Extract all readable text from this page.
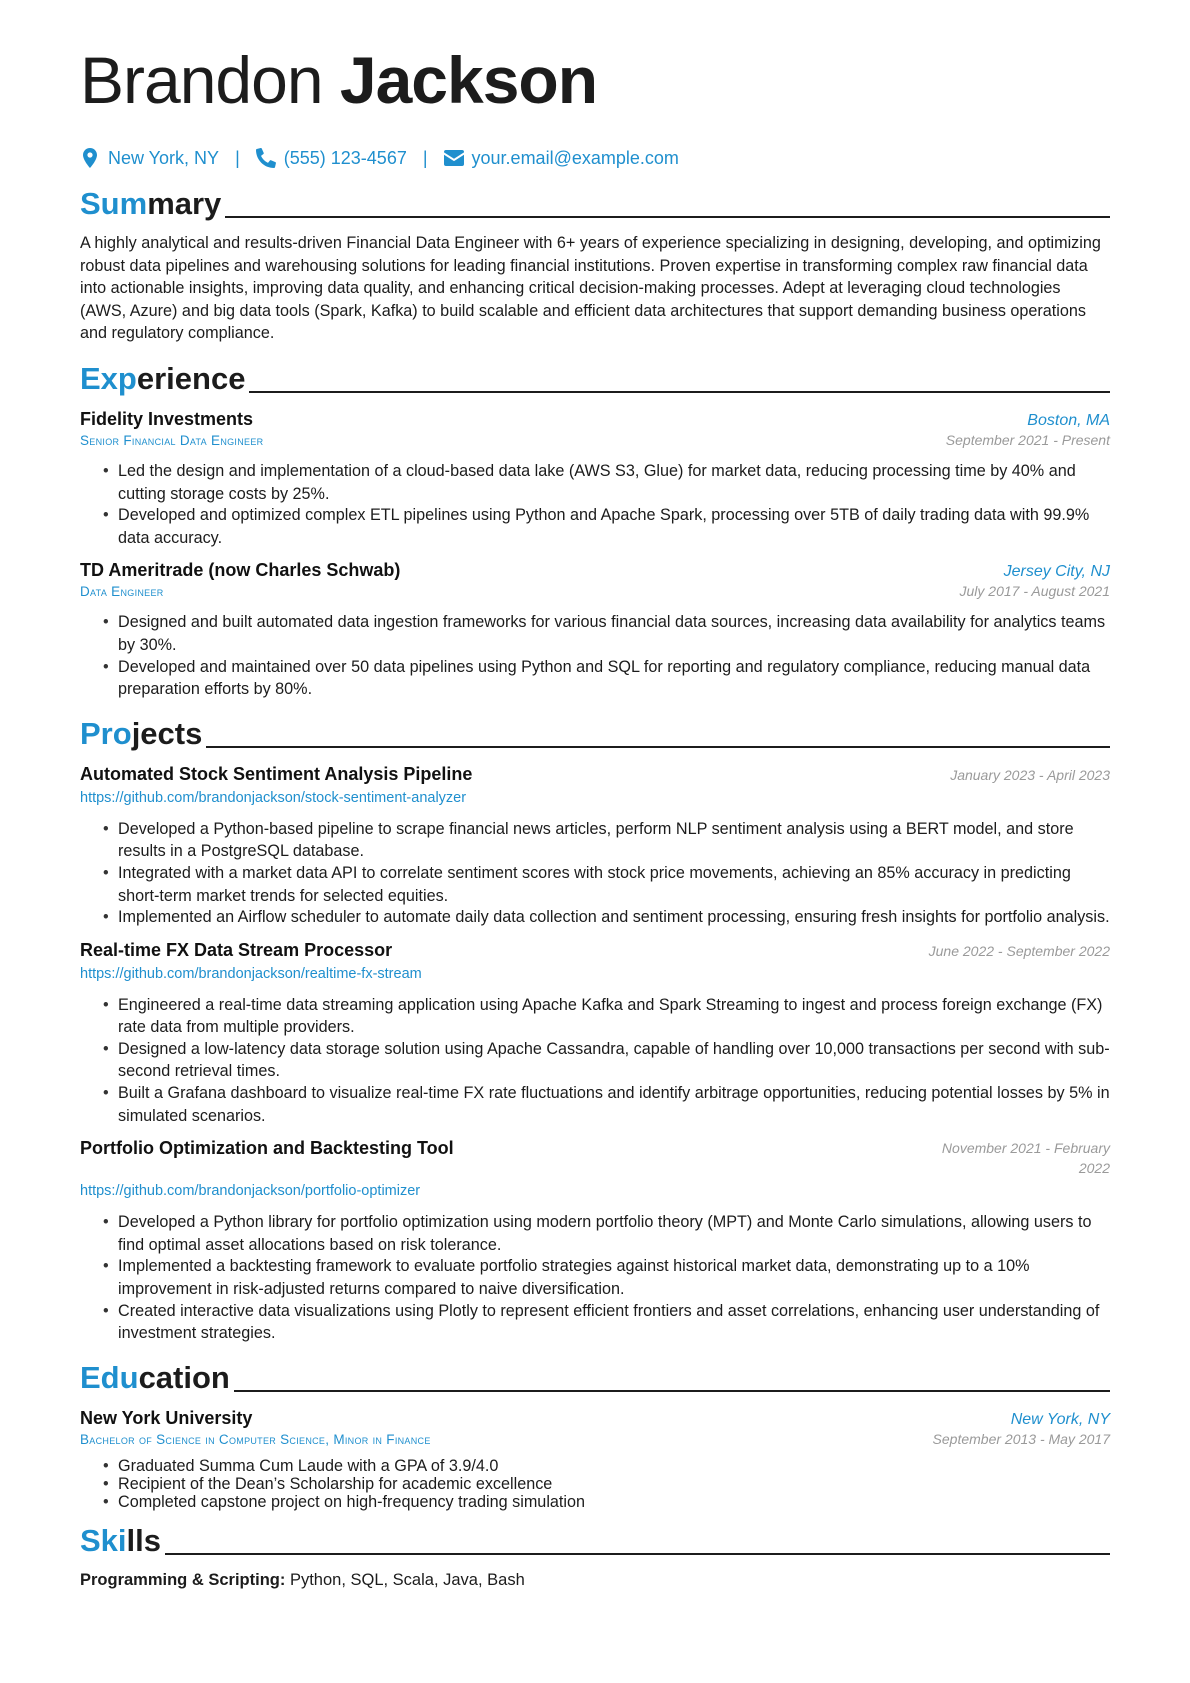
Brandon Jackson
New York, NY | (555) 123-4567 | your.email@example.com
Summary

A highly analytical and results-driven Financial Data Engineer with 6+ years of experience specializing in designing, developing, and optimizing robust data pipelines and warehousing solutions for leading financial institutions. Proven expertise in transforming complex raw financial data into actionable insights, improving data quality, and enhancing critical decision-making processes. Adept at leveraging cloud technologies (AWS, Azure) and big data tools (Spark, Kafka) to build scalable and efficient data architectures that support demanding business operations and regulatory compliance.

Experience
Fidelity Investments	Boston, MA
Senior Financial Data Engineer	September 2021 - Present
• Led the design and implementation of a cloud-based data lake (AWS S3, Glue) for market data, reducing processing time by 40% and cutting storage costs by 25%.
• Developed and optimized complex ETL pipelines using Python and Apache Spark, processing over 5TB of daily trading data with 99.9% data accuracy.
TD Ameritrade (now Charles Schwab)	Jersey City, NJ
Data Engineer	July 2017 - August 2021
• Designed and built automated data ingestion frameworks for various financial data sources, increasing data availability for analytics teams by 30%.
• Developed and maintained over 50 data pipelines using Python and SQL for reporting and regulatory compliance, reducing manual data preparation efforts by 80%.
Projects
Automated Stock Sentiment Analysis Pipeline	January 2023 - April 2023
https://github.com/brandonjackson/stock-sentiment-analyzer
• Developed a Python-based pipeline to scrape financial news articles, perform NLP sentiment analysis using a BERT model, and store results in a PostgreSQL database.
• Integrated with a market data API to correlate sentiment scores with stock price movements, achieving an 85% accuracy in predicting short-term market trends for selected equities.
• Implemented an Airflow scheduler to automate daily data collection and sentiment processing, ensuring fresh insights for portfolio analysis.
Real-time FX Data Stream Processor	June 2022 - September 2022
https://github.com/brandonjackson/realtime-fx-stream
• Engineered a real-time data streaming application using Apache Kafka and Spark Streaming to ingest and process foreign exchange (FX) rate data from multiple providers.
• Designed a low-latency data storage solution using Apache Cassandra, capable of handling over 10,000 transactions per second with sub-second retrieval times.
• Built a Grafana dashboard to visualize real-time FX rate fluctuations and identify arbitrage opportunities, reducing potential losses by 5% in simulated scenarios.
Portfolio Optimization and Backtesting Tool	November 2021 - February 2022
https://github.com/brandonjackson/portfolio-optimizer
• Developed a Python library for portfolio optimization using modern portfolio theory (MPT) and Monte Carlo simulations, allowing users to find optimal asset allocations based on risk tolerance.
• Implemented a backtesting framework to evaluate portfolio strategies against historical market data, demonstrating up to a 10% improvement in risk-adjusted returns compared to naive diversification.
• Created interactive data visualizations using Plotly to represent efficient frontiers and asset correlations, enhancing user understanding of investment strategies.
Education
New York University	New York, NY
Bachelor of Science in Computer Science, Minor in Finance	September 2013 - May 2017
• Graduated Summa Cum Laude with a GPA of 3.9/4.0
• Recipient of the Dean’s Scholarship for academic excellence
• Completed capstone project on high-frequency trading simulation
Skills
Programming & Scripting: Python, SQL, Scala, Java, Bash
